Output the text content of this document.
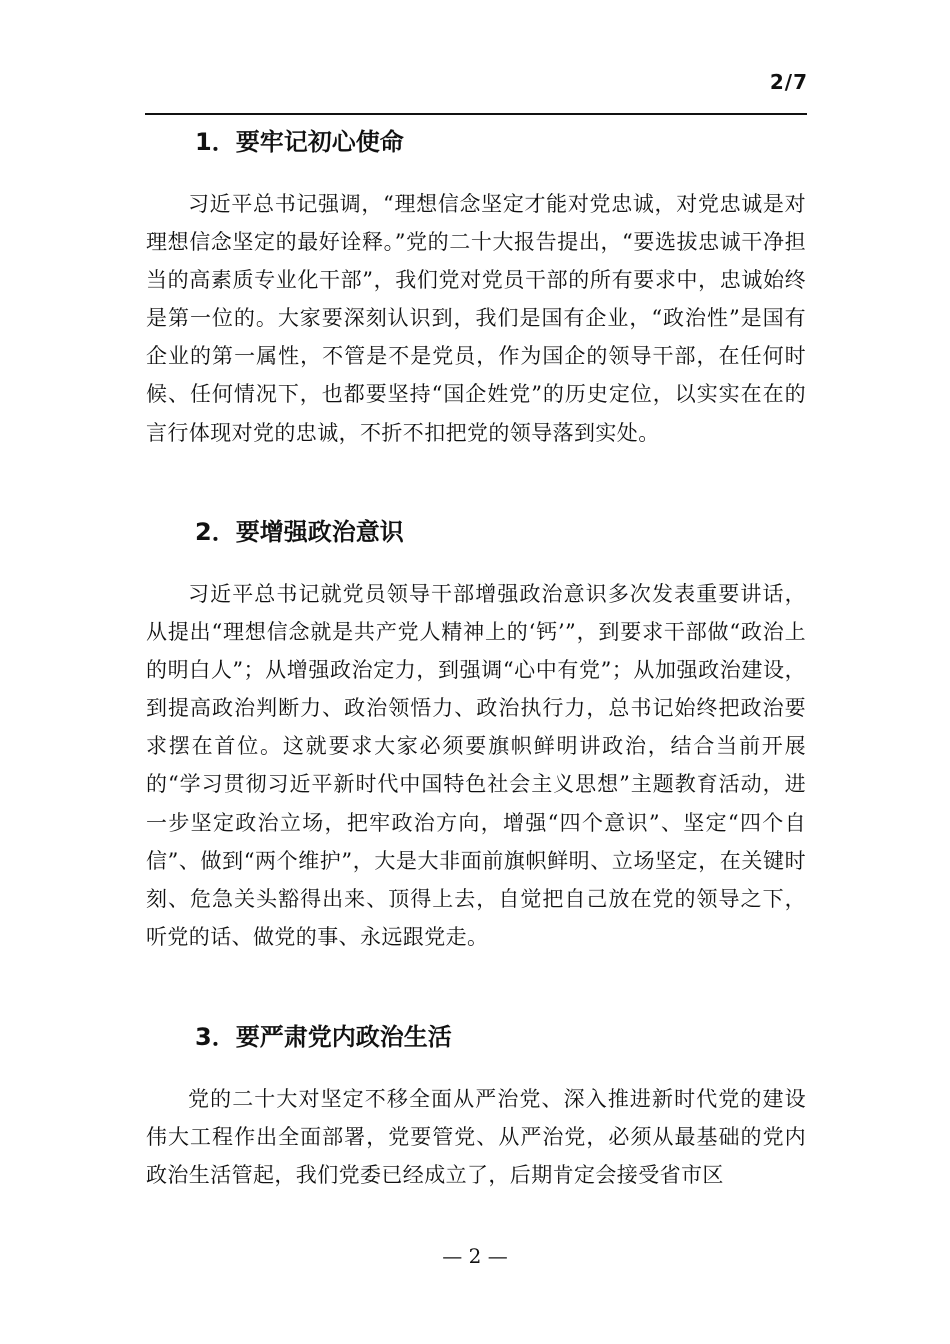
2/7
1．要牢记初心使命

习近平总书记强调，“理想信念坚定才能对党忠诚，对党忠诚是对理想信念坚定的最好诠释。”党的二十大报告提出，“要选拔忠诚干净担当的高素质专业化干部”，我们党对党员干部的所有要求中，忠诚始终是第一位的。大家要深刻认识到，我们是国有企业，“政治性”是国有企业的第一属性，不管是不是党员，作为国企的领导干部，在任何时候、任何情况下，也都要坚持“国企姓党”的历史定位，以实实在在的言行体现对党的忠诚，不折不扣把党的领导落到实处。

2．要增强政治意识

习近平总书记就党员领导干部增强政治意识多次发表重要讲话，从提出“理想信念就是共产党人精神上的‘钙’”，到要求干部做“政治上的明白人”；从增强政治定力，到强调“心中有党”；从加强政治建设，到提高政治判断力、政治领悟力、政治执行力，总书记始终把政治要求摆在首位。这就要求大家必须要旗帜鲜明讲政治，结合当前开展的“学习贯彻习近平新时代中国特色社会主义思想”主题教育活动，进一步坚定政治立场，把牢政治方向，增强“四个意识”、坚定“四个自信”、做到“两个维护”，大是大非面前旗帜鲜明、立场坚定，在关键时刻、危急关头豁得出来、顶得上去，自觉把自己放在党的领导之下，听党的话、做党的事、永远跟党走。

3．要严肃党内政治生活

党的二十大对坚定不移全面从严治党、深入推进新时代党的建设伟大工程作出全面部署，党要管党、从严治党，必须从最基础的党内政治生活管起，我们党委已经成立了，后期肯定会接受省市区

— 2 —
